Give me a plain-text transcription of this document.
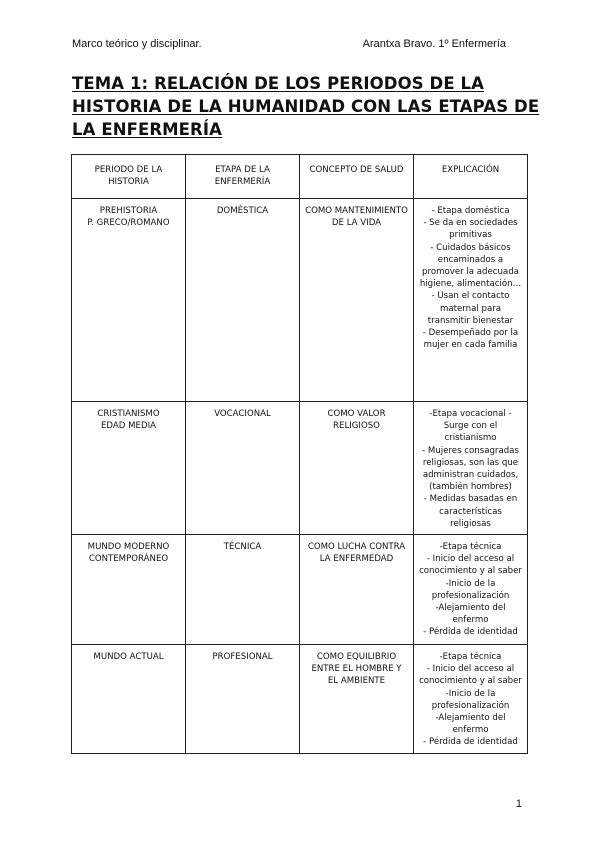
Marco teórico y disciplinar.	Arantxa Bravo. 1º Enfermería
TEMA 1: RELACIÓN DE LOS PERIODOS DE LA HISTORIA DE LA HUMANIDAD CON LAS ETAPAS DE LA ENFERMERÍA
PERIODO DE LA HISTORIA	ETAPA DE LA ENFERMERÍA	CONCEPTO DE SALUD	EXPLICACIÓN

PREHISTORIA
P. GRECO/ROMANO	DOMÉSTICA	COMO MANTENIMIENTO DE LA VIDA	- Etapa doméstica
- Se da en sociedades primitivas
- Cuidados básicos encaminados a promover la adecuada higiene, alimentación…
- Usan el contacto maternal para transmitir bienestar
- Desempeñado por la mujer en cada familia

CRISTIANISMO
EDAD MEDIA	VOCACIONAL	COMO VALOR RELIGIOSO	-Etapa vocacional -Surge con el cristianismo
- Mujeres consagradas religiosas, son las que administran cuidados, (también hombres)
- Medidas basadas en características religiosas

MUNDO MODERNO
CONTEMPORÁNEO	TÉCNICA	COMO LUCHA CONTRA LA ENFERMEDAD	-Etapa técnica
- Inicio del acceso al conocimiento y al saber
-Inicio de la profesionalización
-Alejamiento del enfermo
- Pérdida de identidad

MUNDO ACTUAL	PROFESIONAL	COMO EQUILIBRIO ENTRE EL HOMBRE Y EL AMBIENTE	-Etapa técnica
- Inicio del acceso al conocimiento y al saber
-Inicio de la profesionalización
-Alejamiento del enfermo
- Pérdida de identidad
1
